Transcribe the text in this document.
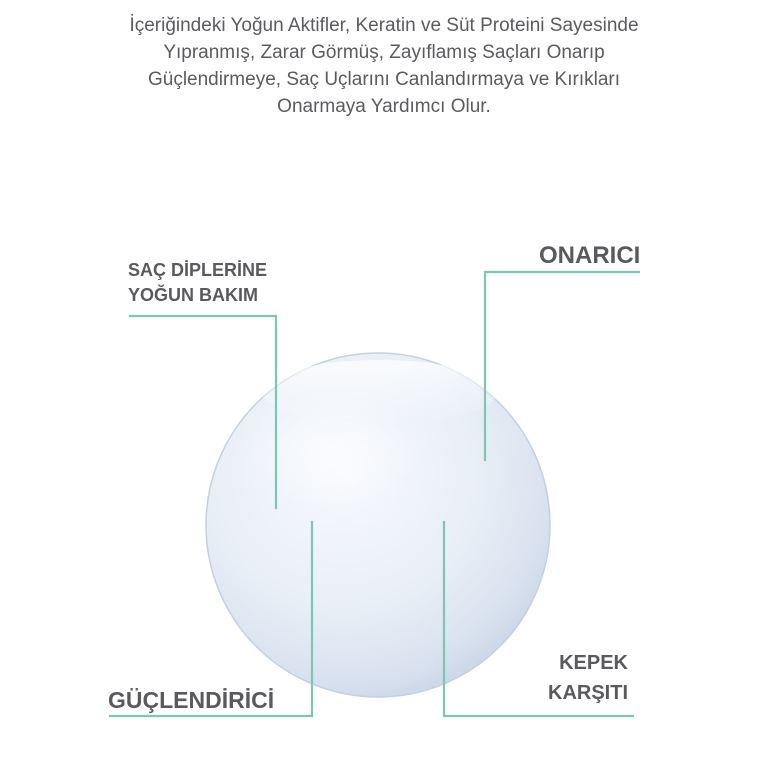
İçeriğindeki Yoğun Aktifler, Keratin ve Süt Proteini Sayesinde
Yıpranmış, Zarar Görmüş, Zayıflamış Saçları Onarıp
Güçlendirmeye, Saç Uçlarını Canlandırmaya ve Kırıkları
Onarmaya Yardımcı Olur.
SAÇ DİPLERİNE
YOĞUN BAKIM
ONARICI
GÜÇLENDİRİCİ
KEPEK
KARŞITI
